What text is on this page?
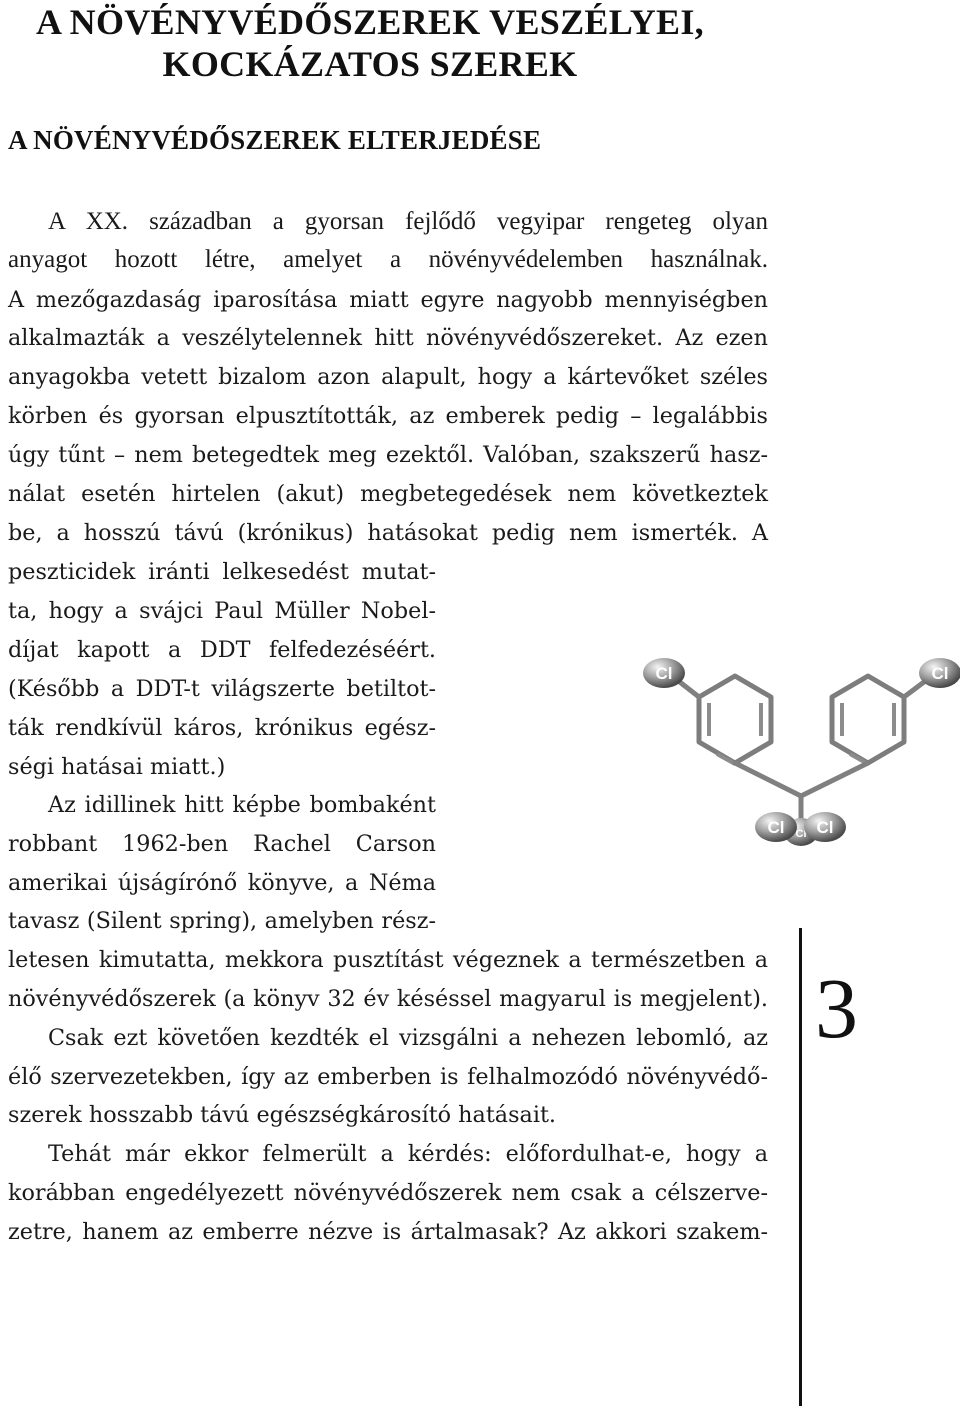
A NÖVÉNYVÉDŐSZEREK VESZÉLYEI,
KOCKÁZATOS SZEREK
A NÖVÉNYVÉDŐSZEREK ELTERJEDÉSE

A XX. században a gyorsan fejlődő vegyipar rengeteg olyan

anyagot hozott létre, amelyet a növényvédelemben használnak.

A mezőgazdaság iparosítása miatt egyre nagyobb mennyiségben

alkalmazták a veszélytelennek hitt növényvédőszereket. Az ezen

anyagokba vetett bizalom azon alapult, hogy a kártevőket széles

körben és gyorsan elpusztították, az emberek pedig – legalábbis

úgy tűnt – nem betegedtek meg ezektől. Valóban, szakszerű hasz-

nálat esetén hirtelen (akut) megbetegedések nem következtek

be, a hosszú távú (krónikus) hatásokat pedig nem ismerték. A

peszticidek iránti lelkesedést mutat-

ta, hogy a svájci Paul Müller Nobel-

díjat kapott a DDT felfedezéséért.

(Később a DDT-t világszerte betiltot-

ták rendkívül káros, krónikus egész-

ségi hatásai miatt.)

Az idillinek hitt képbe bombaként

robbant 1962-ben Rachel Carson

amerikai újságírónő könyve, a Néma

tavasz (Silent spring), amelyben rész-

letesen kimutatta, mekkora pusztítást végeznek a természetben a

növényvédőszerek (a könyv 32 év késéssel magyarul is megjelent).

Csak ezt követően kezdték el vizsgálni a nehezen lebomló, az

élő szervezetekben, így az emberben is felhalmozódó növényvédő-

szerek hosszabb távú egészségkárosító hatásait.

Tehát már ekkor felmerült a kérdés: előfordulhat-e, hogy a

korábban engedélyezett növényvédőszerek nem csak a célszerve-

zetre, hanem az emberre nézve is ártalmasak? Az akkori szakem-

Cl	Cl
Cl
Cl Cl
3
